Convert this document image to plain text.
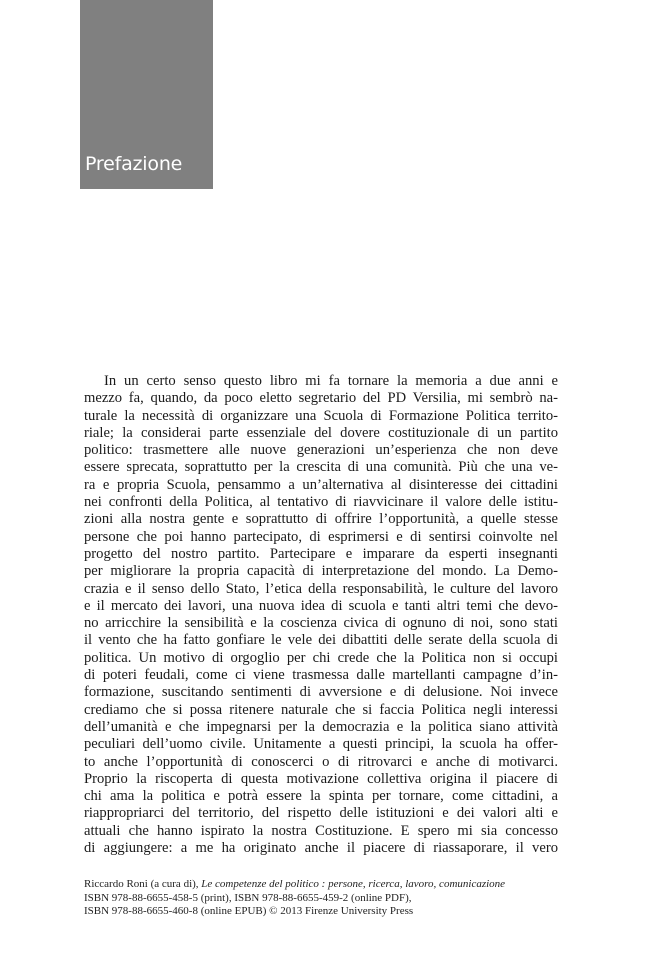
Prefazione
In un certo senso questo libro mi fa tornare la memoria a due anni e
mezzo fa, quando, da poco eletto segretario del PD Versilia, mi sembrò na-
turale la necessità di organizzare una Scuola di Formazione Politica territo-
riale; la considerai parte essenziale del dovere costituzionale di un partito
politico: trasmettere alle nuove generazioni un’esperienza che non deve
essere sprecata, soprattutto per la crescita di una comunità. Più che una ve-
ra e propria Scuola, pensammo a un’alternativa al disinteresse dei cittadini
nei confronti della Politica, al tentativo di riavvicinare il valore delle istitu-
zioni alla nostra gente e soprattutto di offrire l’opportunità, a quelle stesse
persone che poi hanno partecipato, di esprimersi e di sentirsi coinvolte nel
progetto del nostro partito. Partecipare e imparare da esperti insegnanti
per migliorare la propria capacità di interpretazione del mondo. La Demo-
crazia e il senso dello Stato, l’etica della responsabilità, le culture del lavoro
e il mercato dei lavori, una nuova idea di scuola e tanti altri temi che devo-
no arricchire la sensibilità e la coscienza civica di ognuno di noi, sono stati
il vento che ha fatto gonfiare le vele dei dibattiti delle serate della scuola di
politica. Un motivo di orgoglio per chi crede che la Politica non si occupi
di poteri feudali, come ci viene trasmessa dalle martellanti campagne d’in-
formazione, suscitando sentimenti di avversione e di delusione. Noi invece
crediamo che si possa ritenere naturale che si faccia Politica negli interessi
dell’umanità e che impegnarsi per la democrazia e la politica siano attività
peculiari dell’uomo civile. Unitamente a questi principi, la scuola ha offer-
to anche l’opportunità di conoscerci o di ritrovarci e anche di motivarci.
Proprio la riscoperta di questa motivazione collettiva origina il piacere di
chi ama la politica e potrà essere la spinta per tornare, come cittadini, a
riappropriarci del territorio, del rispetto delle istituzioni e dei valori alti e
attuali che hanno ispirato la nostra Costituzione. E spero mi sia concesso
di aggiungere: a me ha originato anche il piacere di riassaporare, il vero
Riccardo Roni (a cura di), Le competenze del politico : persone, ricerca, lavoro, comunicazione
ISBN 978-88-6655-458-5 (print), ISBN 978-88-6655-459-2 (online PDF),
ISBN 978-88-6655-460-8 (online EPUB) © 2013 Firenze University Press
